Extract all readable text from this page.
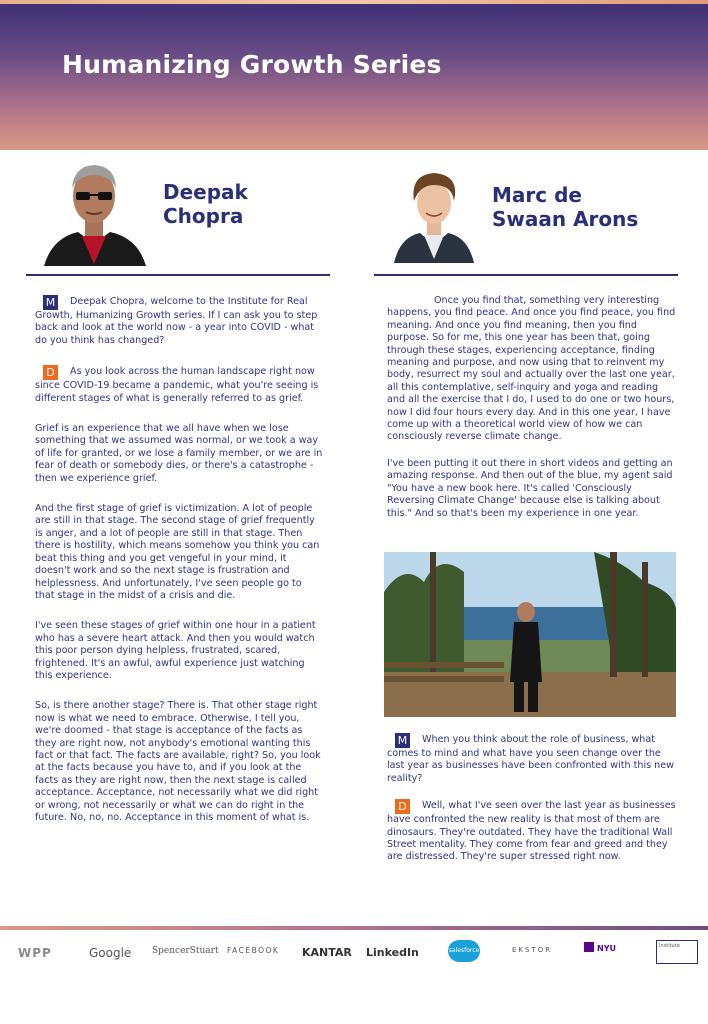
Humanizing Growth Series
Deepak
Chopra
Marc de
Swaan Arons

M Deepak Chopra, welcome to the Institute for Real Growth, Humanizing Growth series. If I can ask you to step back and look at the world now - a year into COVID - what do you think has changed?

D As you look across the human landscape right now since COVID-19 became a pandemic, what you're seeing is different stages of what is generally referred to as grief.

Grief is an experience that we all have when we lose something that we assumed was normal, or we took a way of life for granted, or we lose a family member, or we are in fear of death or somebody dies, or there's a catastrophe - then we experience grief.

And the first stage of grief is victimization. A lot of people are still in that stage. The second stage of grief frequently is anger, and a lot of people are still in that stage. Then there is hostility, which means somehow you think you can beat this thing and you get vengeful in your mind, it doesn't work and so the next stage is frustration and helplessness. And unfortunately, I've seen people go to that stage in the midst of a crisis and die.

I've seen these stages of grief within one hour in a patient who has a severe heart attack. And then you would watch this poor person dying helpless, frustrated, scared, frightened. It's an awful, awful experience just watching this experience.

So, is there another stage? There is. That other stage right now is what we need to embrace. Otherwise, I tell you, we're doomed - that stage is acceptance of the facts as they are right now, not anybody's emotional wanting this fact or that fact. The facts are available, right? So, you look at the facts because you have to, and if you look at the facts as they are right now, then the next stage is called acceptance. Acceptance, not necessarily what we did right or wrong, not necessarily or what we can do right in the future. No, no, no. Acceptance in this moment of what is.

Once you find that, something very interesting happens, you find peace. And once you find peace, you find meaning. And once you find meaning, then you find purpose. So for me, this one year has been that, going through these stages, experiencing acceptance, finding meaning and purpose, and now using that to reinvent my body, resurrect my soul and actually over the last one year, all this contemplative, self-inquiry and yoga and reading and all the exercise that I do, I used to do one or two hours, now I did four hours every day. And in this one year, I have come up with a theoretical world view of how we can consciously reverse climate change.

I've been putting it out there in short videos and getting an amazing response. And then out of the blue, my agent said "You have a new book here. It's called 'Consciously Reversing Climate Change' because else is talking about this." And so that's been my experience in one year.

M When you think about the role of business, what comes to mind and what have you seen change over the last year as businesses have been confronted with this new reality?

D Well, what I've seen over the last year as businesses have confronted the new reality is that most of them are dinosaurs. They're outdated. They have the traditional Wall Street mentality. They come from fear and greed and they are distressed. They're super stressed right now.

WPP	Google SpencerStuart FACEBOOK KANTAR LinkedIn	salesforce	EKSTOR	NYU	Institute
